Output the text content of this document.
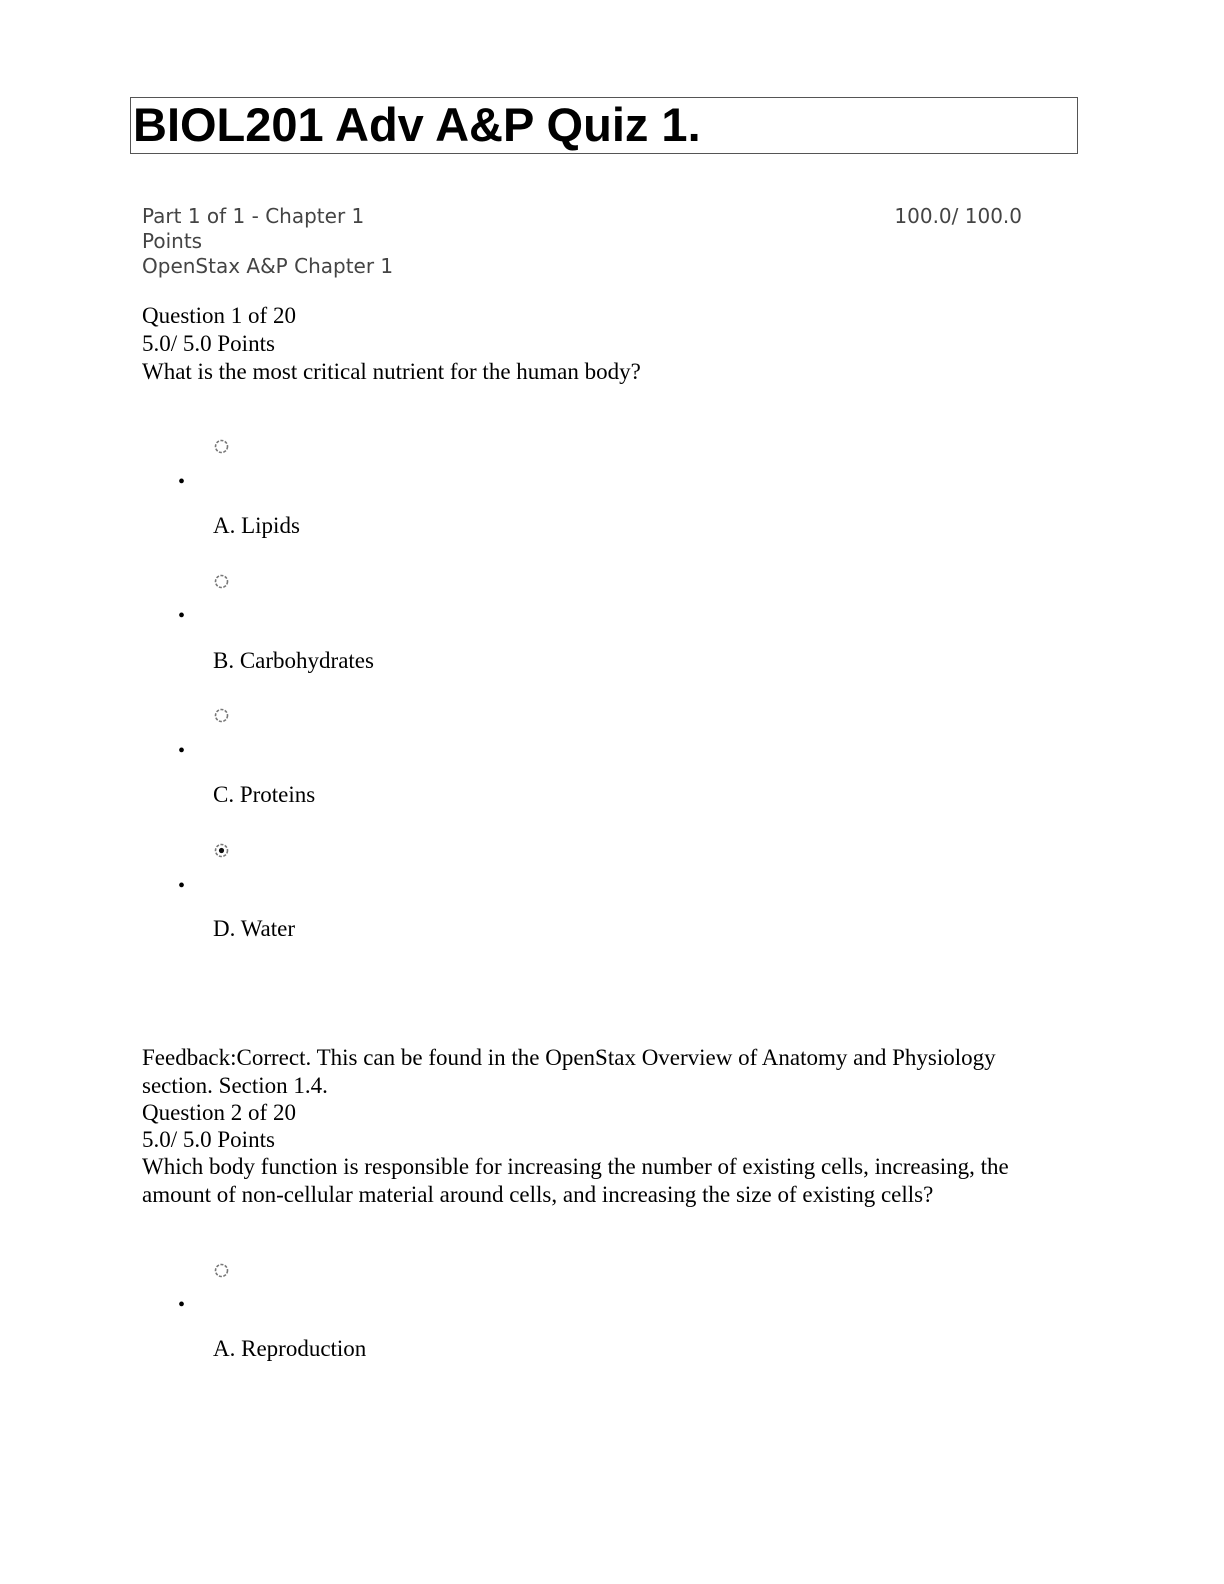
BIOL201 Adv A&P Quiz 1.
Part 1 of 1 - Chapter 1	100.0/ 100.0
Points
OpenStax A&P Chapter 1
Question 1 of 20
5.0/ 5.0 Points
What is the most critical nutrient for the human body?
•
A. Lipids
•
B. Carbohydrates
•
C. Proteins
•
D. Water
Feedback:Correct. This can be found in the OpenStax Overview of Anatomy and Physiology section. Section 1.4.
Question 2 of 20
5.0/ 5.0 Points
Which body function is responsible for increasing the number of existing cells, increasing, the amount of non-cellular material around cells, and increasing the size of existing cells?
•
A. Reproduction
